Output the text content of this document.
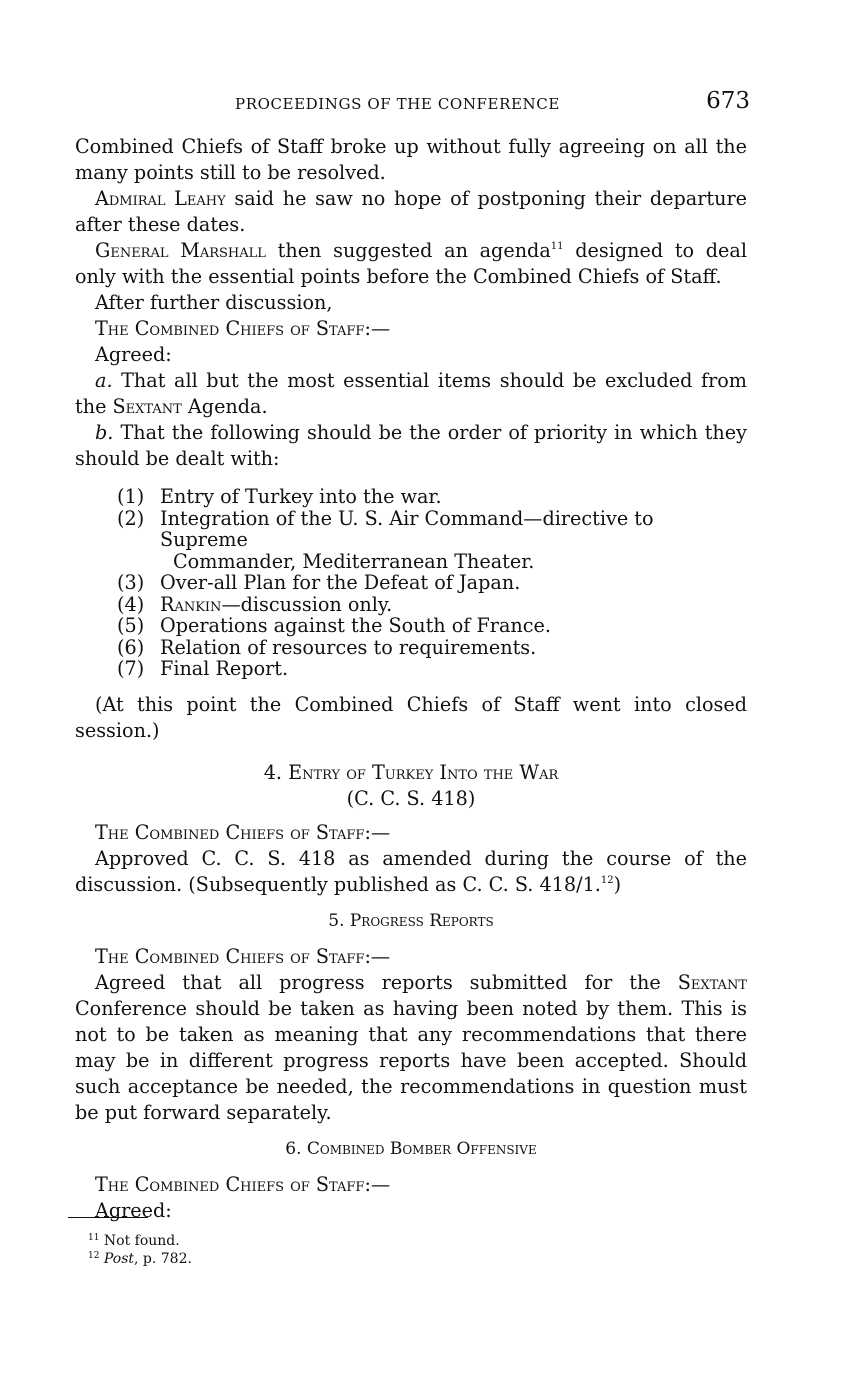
PROCEEDINGS OF THE CONFERENCE	673

Combined Chiefs of Staff broke up without fully agreeing on all the many points still to be resolved.

Admiral Leahy said he saw no hope of postponing their departure after these dates.

General Marshall then suggested an agenda$^{11}$ designed to deal only with the essential points before the Combined Chiefs of Staff.

After further discussion,

The Combined Chiefs of Staff:—

Agreed:

a. That all but the most essential items should be excluded from the Sextant Agenda.

b. That the following should be the order of priority in which they should be dealt with:

(1) Entry of Turkey into the war.
(2) Integration of the U. S. Air Command—directive to Supreme
Commander, Mediterranean Theater.
(3) Over-all Plan for the Defeat of Japan.
(4) Rankin—discussion only.
(5) Operations against the South of France.
(6) Relation of resources to requirements.
(7) Final Report.

(At this point the Combined Chiefs of Staff went into closed session.)

4. Entry of Turkey Into the War
(C. C. S. 418)

The Combined Chiefs of Staff:—

Approved C. C. S. 418 as amended during the course of the discussion. (Subsequently published as C. C. S. 418/1.12)

5. Progress Reports

The Combined Chiefs of Staff:—

Agreed that all progress reports submitted for the Sextant Conference should be taken as having been noted by them. This is not to be taken as meaning that any recommendations that there may be in different progress reports have been accepted. Should such acceptance be needed, the recommendations in question must be put forward separately.

6. Combined Bomber Offensive

The Combined Chiefs of Staff:—

Agreed:

$^{11}$ Not found.
$^{12}$ Post, p. 782.
